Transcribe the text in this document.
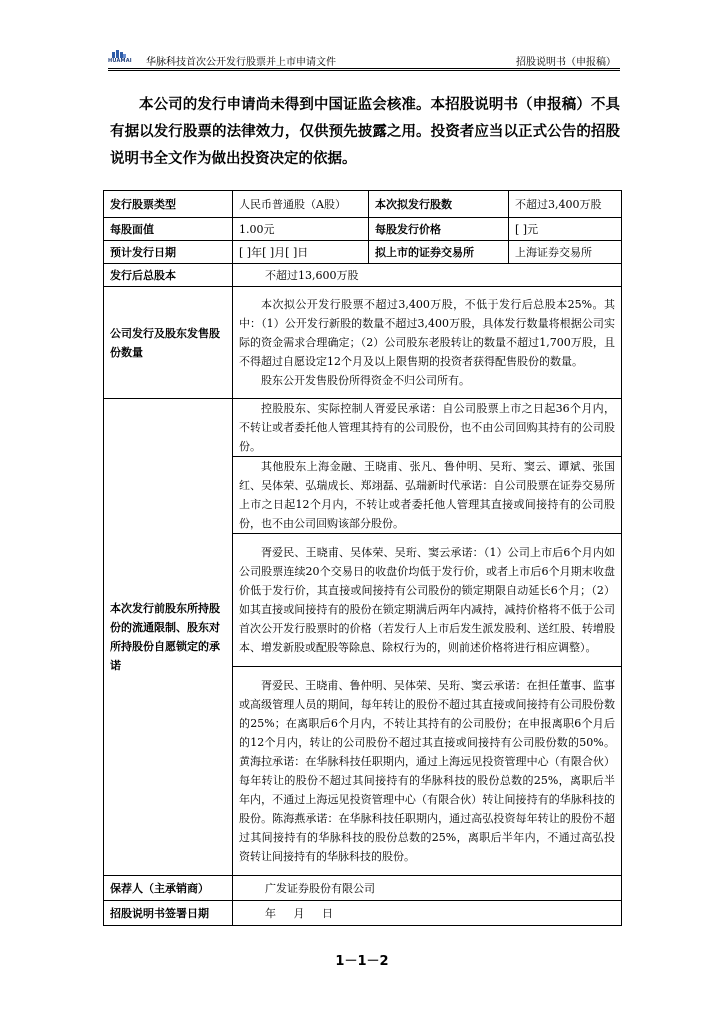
HUAMAI 华脉科技首次公开发行股票并上市申请文件	招股说明书（申报稿）

本公司的发行申请尚未得到中国证监会核准。本招股说明书（申报稿）不具有据以发行股票的法律效力，仅供预先披露之用。投资者应当以正式公告的招股说明书全文作为做出投资决定的依据。

发行股票类型	人民币普通股（A股）	本次拟发行股数	不超过3,400万股
每股面值	1.00元	每股发行价格	[ ]元
预计发行日期	[ ]年[ ]月[ ]日	拟上市的证券交易所	上海证券交易所
发行后总股本	不超过13,600万股		
公司发行及股东发售股份数量	本次拟公开发行股票不超过3,400万股，不低于发行后总股本25%。其中：（1）公开发行新股的数量不超过3,400万股，具体发行数量将根据公司实际的资金需求合理确定；（2）公司股东老股转让的数量不超过1,700万股，且不得超过自愿设定12个月及以上限售期的投资者获得配售股份的数量。

股东公开发售股份所得资金不归公司所有。		

本次发行前股东所持股份的流通限制、股东对所持股份自愿锁定的承诺	控股股东、实际控制人胥爱民承诺：自公司股票上市之日起36个月内，不转让或者委托他人管理其持有的公司股份，也不由公司回购其持有的公司股份。		

	其他股东上海金融、王晓甫、张凡、鲁仲明、吴珩、窦云、谭斌、张国红、吴体荣、弘瑞成长、郑翊磊、弘瑞新时代承诺：自公司股票在证券交易所上市之日起12个月内，不转让或者委托他人管理其直接或间接持有的公司股份，也不由公司回购该部分股份。		

	胥爱民、王晓甫、吴体荣、吴珩、窦云承诺：（1）公司上市后6个月内如公司股票连续20个交易日的收盘价均低于发行价，或者上市后6个月期末收盘价低于发行价，其直接或间接持有公司股份的锁定期限自动延长6个月；（2）如其直接或间接持有的股份在锁定期满后两年内减持，减持价格将不低于公司首次公开发行股票时的价格（若发行人上市后发生派发股利、送红股、转增股本、增发新股或配股等除息、除权行为的，则前述价格将进行相应调整）。		

	胥爱民、王晓甫、鲁仲明、吴体荣、吴珩、窦云承诺：在担任董事、监事或高级管理人员的期间，每年转让的股份不超过其直接或间接持有公司股份数的25%；在离职后6个月内，不转让其持有的公司股份；在申报离职6个月后的12个月内，转让的公司股份不超过其直接或间接持有公司股份数的50%。黄海拉承诺：在华脉科技任职期内，通过上海远见投资管理中心（有限合伙）每年转让的股份不超过其间接持有的华脉科技的股份总数的25%，离职后半年内，不通过上海远见投资管理中心（有限合伙）转让间接持有的华脉科技的股份。陈海燕承诺：在华脉科技任职期内，通过高弘投资每年转让的股份不超过其间接持有的华脉科技的股份总数的25%，离职后半年内，不通过高弘投资转让间接持有的华脉科技的股份。		

保荐人（主承销商）	广发证券股份有限公司		
招股说明书签署日期	年 月 日		
1－1－2
